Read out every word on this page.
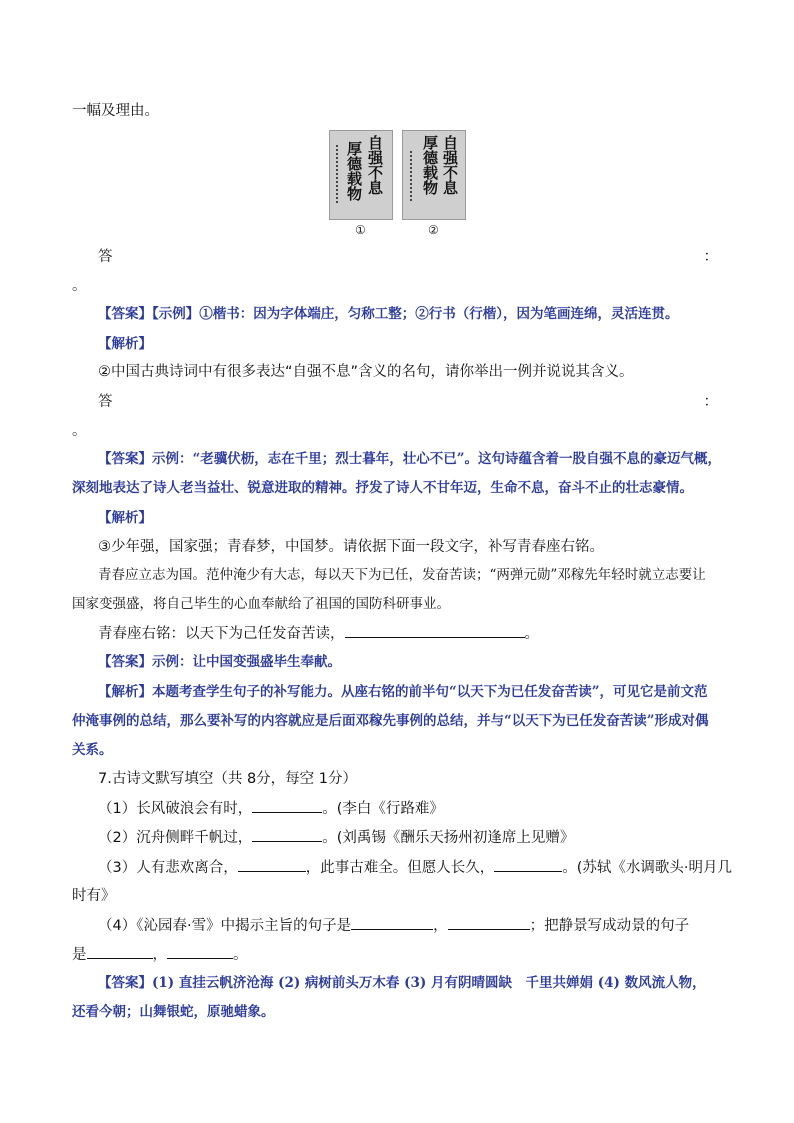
一幅及理由。

自强不息
厚德载物	自强不息
厚德载物
①	②
答	：

。

【答案】【示例】①楷书：因为字体端庄，匀称工整；②行书（行楷），因为笔画连绵，灵活连贯。

【解析】

②中国古典诗词中有很多表达“自强不息”含义的名句，请你举出一例并说说其含义。

答	：

。

【答案】示例：“老骥伏枥，志在千里；烈士暮年，壮心不已”。这句诗蕴含着一股自强不息的豪迈气概，

深刻地表达了诗人老当益壮、锐意进取的精神。抒发了诗人不甘年迈，生命不息，奋斗不止的壮志豪情。

【解析】

③少年强，国家强；青春梦，中国梦。请依据下面一段文字，补写青春座右铭。

青春应立志为国。范仲淹少有大志，每以天下为已任，发奋苦读；“两弹元勋”邓稼先年轻时就立志要让

国家变强盛，将自己毕生的心血奉献给了祖国的国防科研事业。

青春座右铭：以天下为己任发奋苦读，	。

【答案】示例：让中国变强盛毕生奉献。

【解析】本题考查学生句子的补写能力。从座右铭的前半句“以天下为已任发奋苦读”，可见它是前文范

仲淹事例的总结，那么要补写的内容就应是后面邓稼先事例的总结，并与“以天下为已任发奋苦读”形成对偶

关系。

7.古诗文默写填空（共 8分，每空 1分）

（1）长风破浪会有时，	。(李白《行路难》

（2）沉舟侧畔千帆过，	。(刘禹锡《酬乐天扬州初逢席上见赠》

（3）人有悲欢离合，	，此事古难全。但愿人长久，	。(苏轼《水调歌头·明月几

时有》

（4）《沁园春·雪》中揭示主旨的句子是	，	；把静景写成动景的句子

是	，	。

【答案】(1) 直挂云帆济沧海 (2) 病树前头万木春 (3) 月有阴晴圆缺　千里共婵娟 (4) 数风流人物，

还看今朝；山舞银蛇，原驰蜡象。
